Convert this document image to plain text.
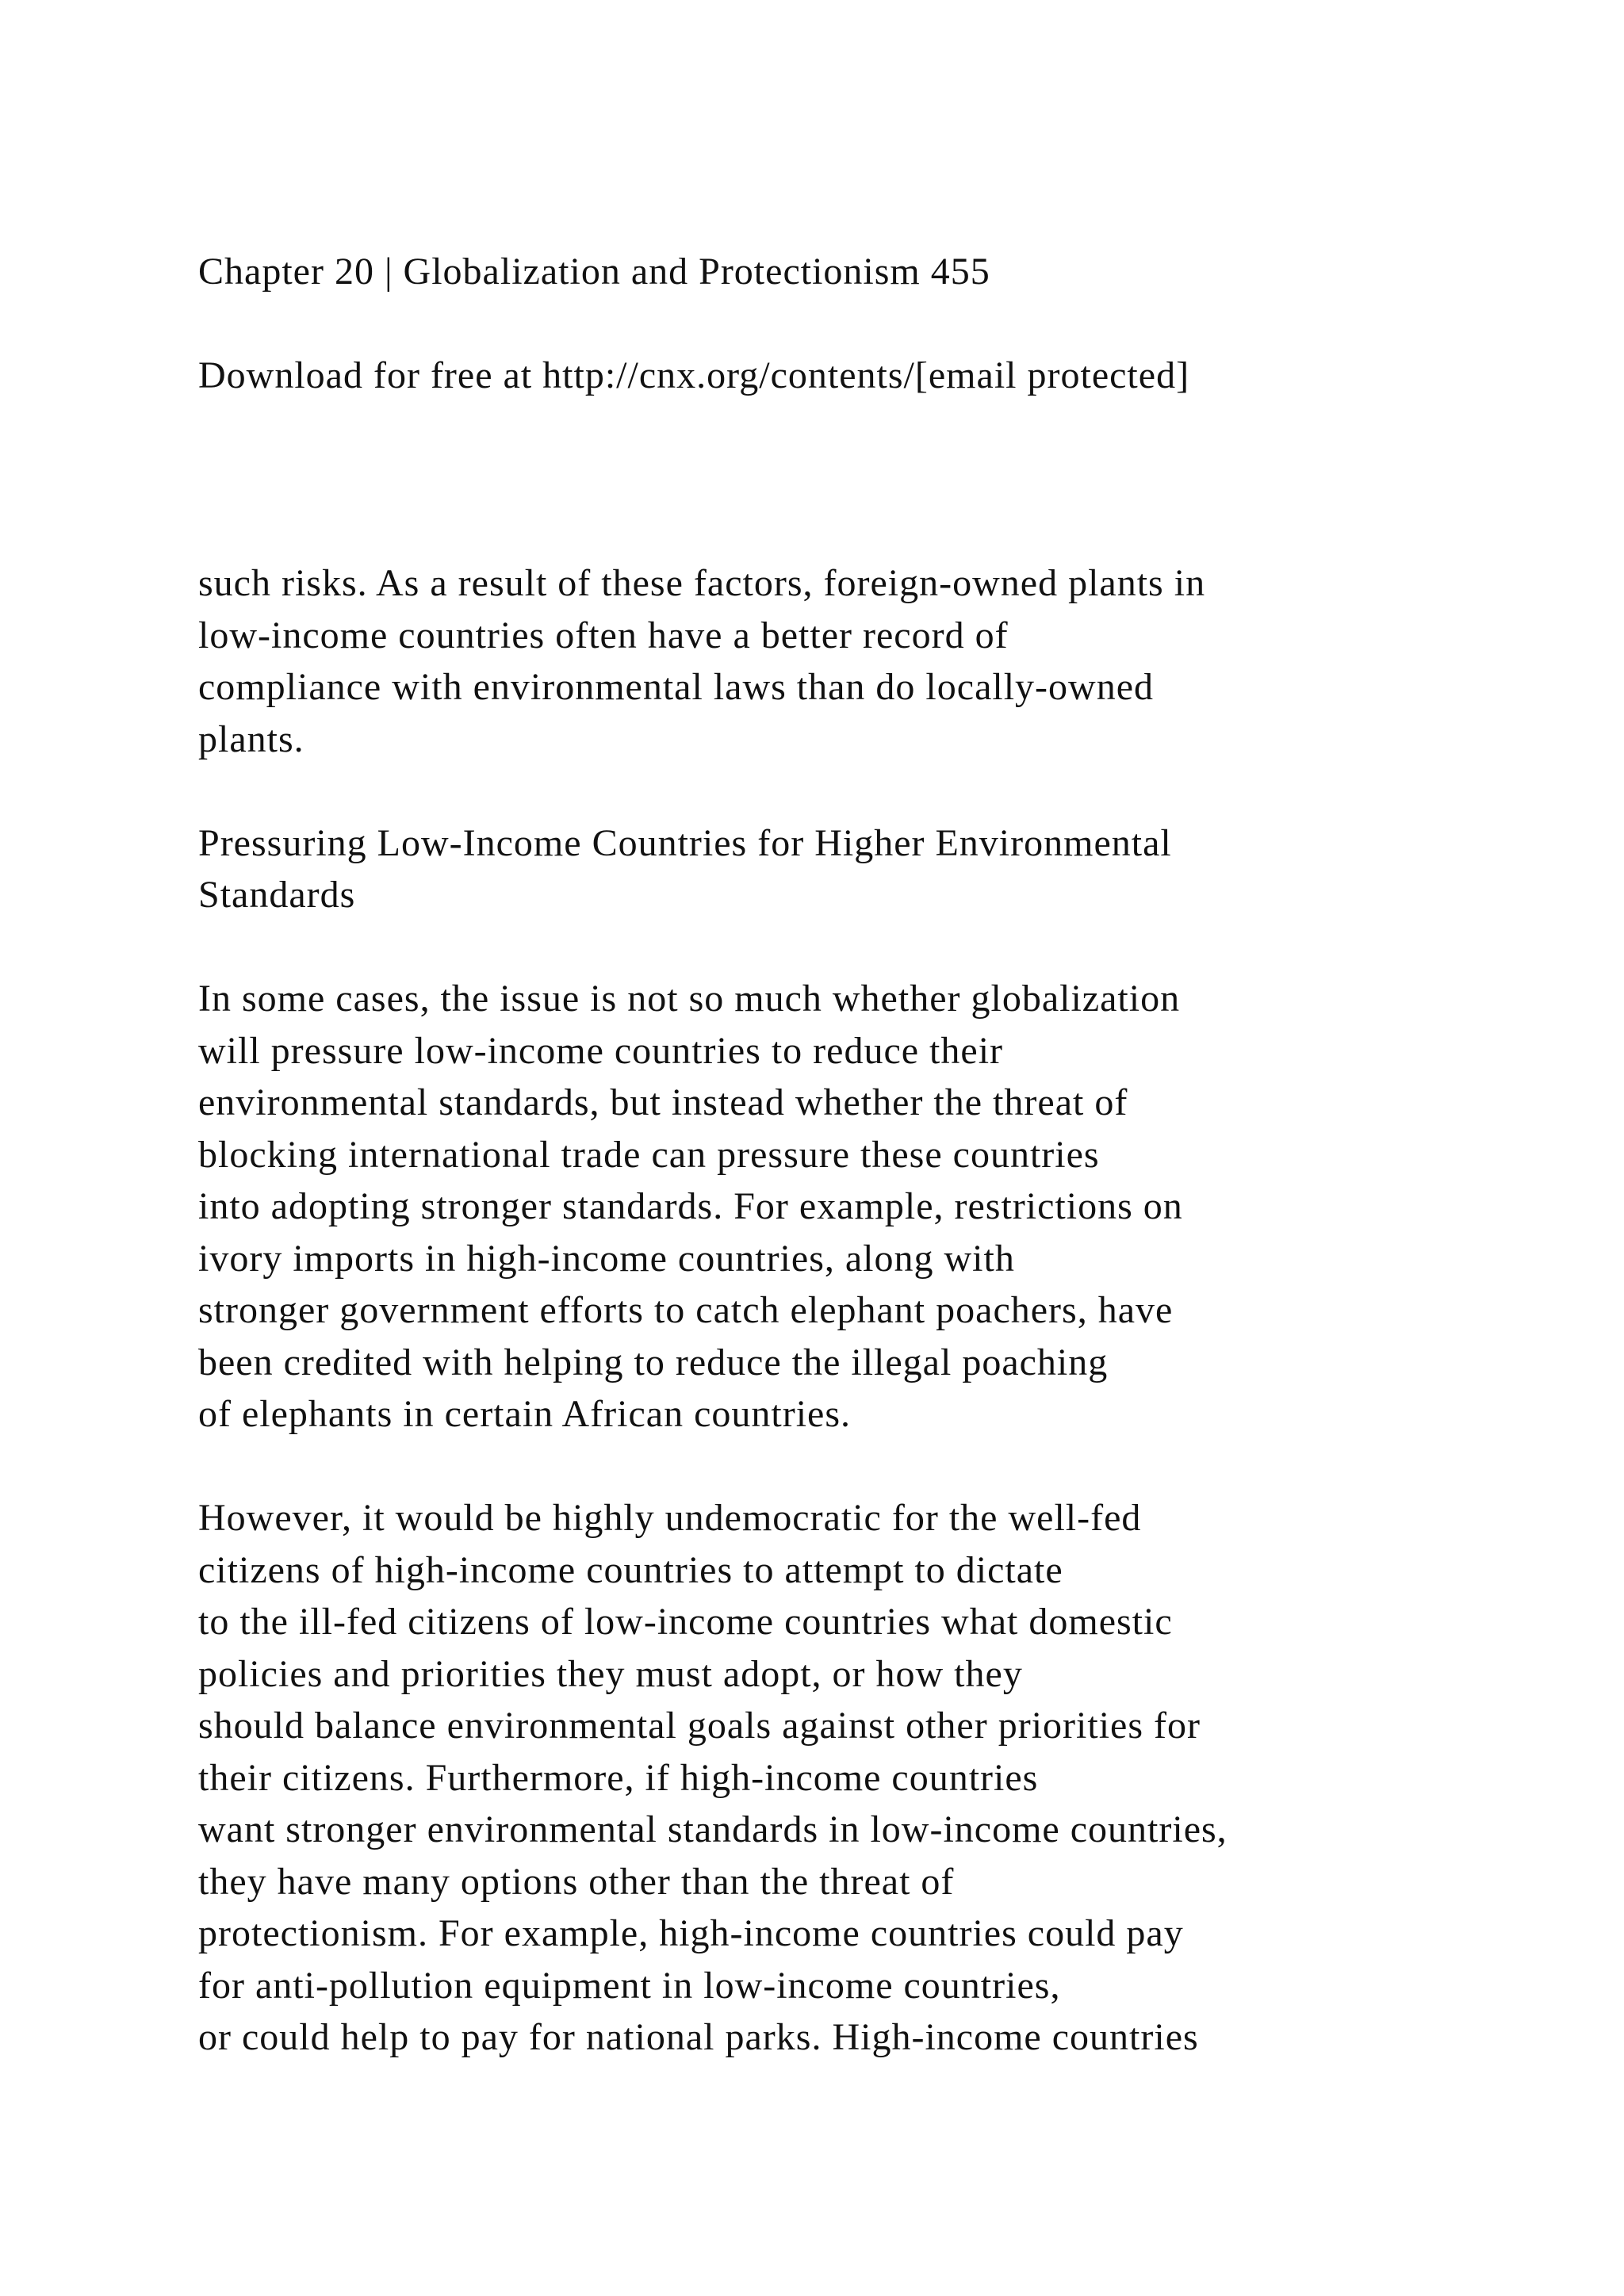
Chapter 20 | Globalization and Protectionism 455
Download for free at http://cnx.org/contents/[email protected]
such risks. As a result of these factors, foreign-owned plants in
low-income countries often have a better record of
compliance with environmental laws than do locally-owned
plants.
Pressuring Low-Income Countries for Higher Environmental
Standards
In some cases, the issue is not so much whether globalization
will pressure low-income countries to reduce their
environmental standards, but instead whether the threat of
blocking international trade can pressure these countries
into adopting stronger standards. For example, restrictions on
ivory imports in high-income countries, along with
stronger government efforts to catch elephant poachers, have
been credited with helping to reduce the illegal poaching
of elephants in certain African countries.
However, it would be highly undemocratic for the well-fed
citizens of high-income countries to attempt to dictate
to the ill-fed citizens of low-income countries what domestic
policies and priorities they must adopt, or how they
should balance environmental goals against other priorities for
their citizens. Furthermore, if high-income countries
want stronger environmental standards in low-income countries,
they have many options other than the threat of
protectionism. For example, high-income countries could pay
for anti-pollution equipment in low-income countries,
or could help to pay for national parks. High-income countries
